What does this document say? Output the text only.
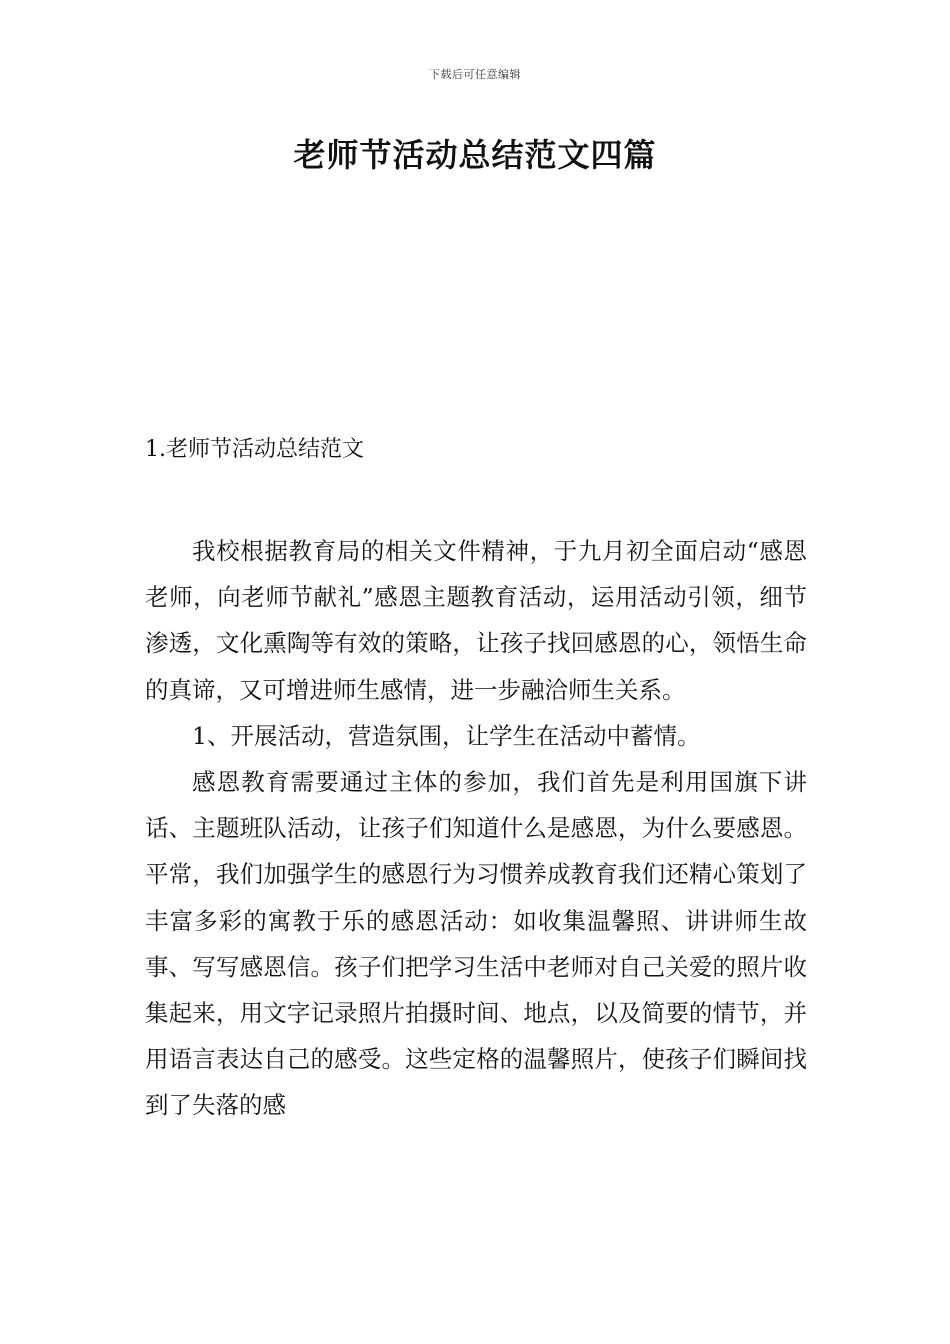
下载后可任意编辑
老师节活动总结范文四篇
1.老师节活动总结范文

我校根据教育局的相关文件精神，于九月初全面启动“感恩老师，向老师节献礼”感恩主题教育活动，运用活动引领，细节渗透，文化熏陶等有效的策略，让孩子找回感恩的心，领悟生命的真谛，又可增进师生感情，进一步融洽师生关系。

1、开展活动，营造氛围，让学生在活动中蓄情。

感恩教育需要通过主体的参加，我们首先是利用国旗下讲话、主题班队活动，让孩子们知道什么是感恩，为什么要感恩。平常，我们加强学生的感恩行为习惯养成教育我们还精心策划了丰富多彩的寓教于乐的感恩活动：如收集温馨照、讲讲师生故事、写写感恩信。孩子们把学习生活中老师对自己关爱的照片收集起来，用文字记录照片拍摄时间、地点，以及简要的情节，并用语言表达自己的感受。这些定格的温馨照片，使孩子们瞬间找到了失落的感
